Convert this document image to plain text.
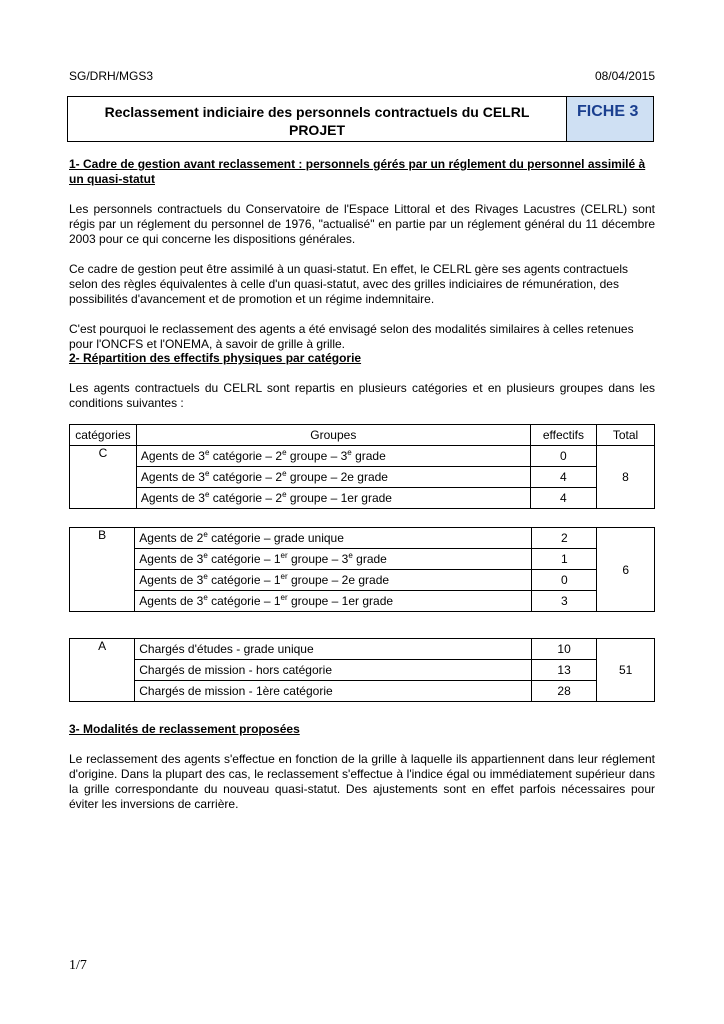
SG/DRH/MGS3	08/04/2015
Reclassement indiciaire des personnels contractuels du CELRL
PROJET
FICHE 3
1- Cadre de gestion avant reclassement : personnels gérés par un réglement du personnel assimilé à un quasi-statut

Les personnels contractuels du Conservatoire de l'Espace Littoral et des Rivages Lacustres (CELRL) sont régis par un réglement du personnel de 1976, "actualisé" en partie par un réglement général du 11 décembre 2003 pour ce qui concerne les dispositions générales.

Ce cadre de gestion peut être assimilé à un quasi-statut. En effet, le CELRL gère ses agents contractuels selon des règles équivalentes à celle d'un quasi-statut, avec des grilles indiciaires de rémunération, des possibilités d'avancement et de promotion et un régime indemnitaire.

C'est pourquoi le reclassement des agents a été envisagé selon des modalités similaires à celles retenues pour l'ONCFS et l'ONEMA, à savoir de grille à grille.

2- Répartition des effectifs physiques par catégorie

Les agents contractuels du CELRL sont repartis en plusieurs catégories et en plusieurs groupes dans les conditions suivantes :

catégories	Groupes	effectifs	Total
C	Agents de 3e catégorie – 2e groupe – 3e grade	0	8
	Agents de 3e catégorie – 2e groupe – 2e grade	4	
	Agents de 3e catégorie – 2e groupe – 1er grade	4	
B	Agents de 2e catégorie – grade unique	2	6
	Agents de 3e catégorie – 1er groupe – 3e grade	1	
	Agents de 3e catégorie – 1er groupe – 2e grade	0	
	Agents de 3e catégorie – 1er groupe – 1er grade	3	
A	Chargés d'études - grade unique	10	51
	Chargés de mission - hors catégorie	13	
	Chargés de mission - 1ère catégorie	28	
3- Modalités de reclassement proposées

Le reclassement des agents s'effectue en fonction de la grille à laquelle ils appartiennent dans leur réglement d'origine. Dans la plupart des cas, le reclassement s'effectue à l'indice égal ou immédiatement supérieur dans la grille correspondante du nouveau quasi-statut. Des ajustements sont en effet parfois nécessaires pour éviter les inversions de carrière.

1/7
